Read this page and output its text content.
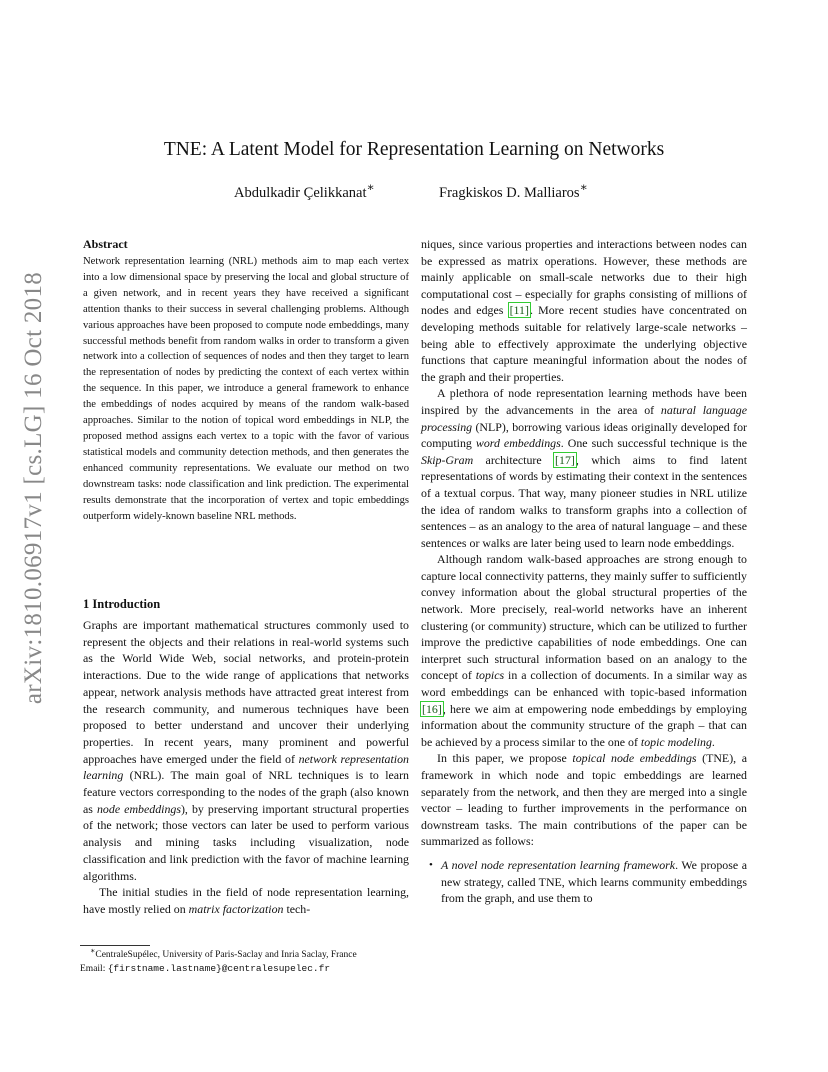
TNE: A Latent Model for Representation Learning on Networks
Abdulkadir Çelikkanat∗	Fragkiskos D. Malliaros∗
arXiv:1810.06917v1 [cs.LG] 16 Oct 2018
Abstract

Network representation learning (NRL) methods aim to map each vertex into a low dimensional space by preserving the local and global structure of a given network, and in recent years they have received a significant attention thanks to their success in several challenging problems. Although various approaches have been proposed to compute node embeddings, many successful methods benefit from random walks in order to transform a given network into a collection of sequences of nodes and then they target to learn the representation of nodes by predicting the context of each vertex within the sequence. In this paper, we introduce a general framework to enhance the embeddings of nodes acquired by means of the random walk-based approaches. Similar to the notion of topical word embeddings in NLP, the proposed method assigns each vertex to a topic with the favor of various statistical models and community detection methods, and then generates the enhanced community representations. We evaluate our method on two downstream tasks: node classification and link prediction. The experimental results demonstrate that the incorporation of vertex and topic embeddings outperform widely-known baseline NRL methods.

1 Introduction

Graphs are important mathematical structures commonly used to represent the objects and their relations in real-world systems such as the World Wide Web, social networks, and protein-protein interactions. Due to the wide range of applications that networks appear, network analysis methods have attracted great interest from the research community, and numerous techniques have been proposed to better understand and uncover their underlying properties. In recent years, many prominent and powerful approaches have emerged under the field of network representation learning (NRL). The main goal of NRL techniques is to learn feature vectors corresponding to the nodes of the graph (also known as node embeddings), by preserving important structural properties of the network; those vectors can later be used to perform various analysis and mining tasks including visualization, node classification and link prediction with the favor of machine learning algorithms.

The initial studies in the field of node representation learning, have mostly relied on matrix factorization tech-

∗CentraleSupélec, University of Paris-Saclay and Inria Saclay, France
Email: {firstname.lastname}@centralesupelec.fr

niques, since various properties and interactions between nodes can be expressed as matrix operations. However, these methods are mainly applicable on small-scale networks due to their high computational cost – especially for graphs consisting of millions of nodes and edges [11]. More recent studies have concentrated on developing methods suitable for relatively large-scale networks – being able to effectively approximate the underlying objective functions that capture meaningful information about the nodes of the graph and their properties.

A plethora of node representation learning methods have been inspired by the advancements in the area of natural language processing (NLP), borrowing various ideas originally developed for computing word embeddings. One such successful technique is the Skip-Gram architecture [17], which aims to find latent representations of words by estimating their context in the sentences of a textual corpus. That way, many pioneer studies in NRL utilize the idea of random walks to transform graphs into a collection of sentences – as an analogy to the area of natural language – and these sentences or walks are later being used to learn node embeddings.

Although random walk-based approaches are strong enough to capture local connectivity patterns, they mainly suffer to sufficiently convey information about the global structural properties of the network. More precisely, real-world networks have an inherent clustering (or community) structure, which can be utilized to further improve the predictive capabilities of node embeddings. One can interpret such structural information based on an analogy to the concept of topics in a collection of documents. In a similar way as word embeddings can be enhanced with topic-based information [16], here we aim at empowering node embeddings by employing information about the community structure of the graph – that can be achieved by a process similar to the one of topic modeling.

In this paper, we propose topical node embeddings (TNE), a framework in which node and topic embeddings are learned separately from the network, and then they are merged into a single vector – leading to further improvements in the performance on downstream tasks. The main contributions of the paper can be summarized as follows:

• A novel node representation learning framework. We propose a new strategy, called TNE, which learns community embeddings from the graph, and use them to
